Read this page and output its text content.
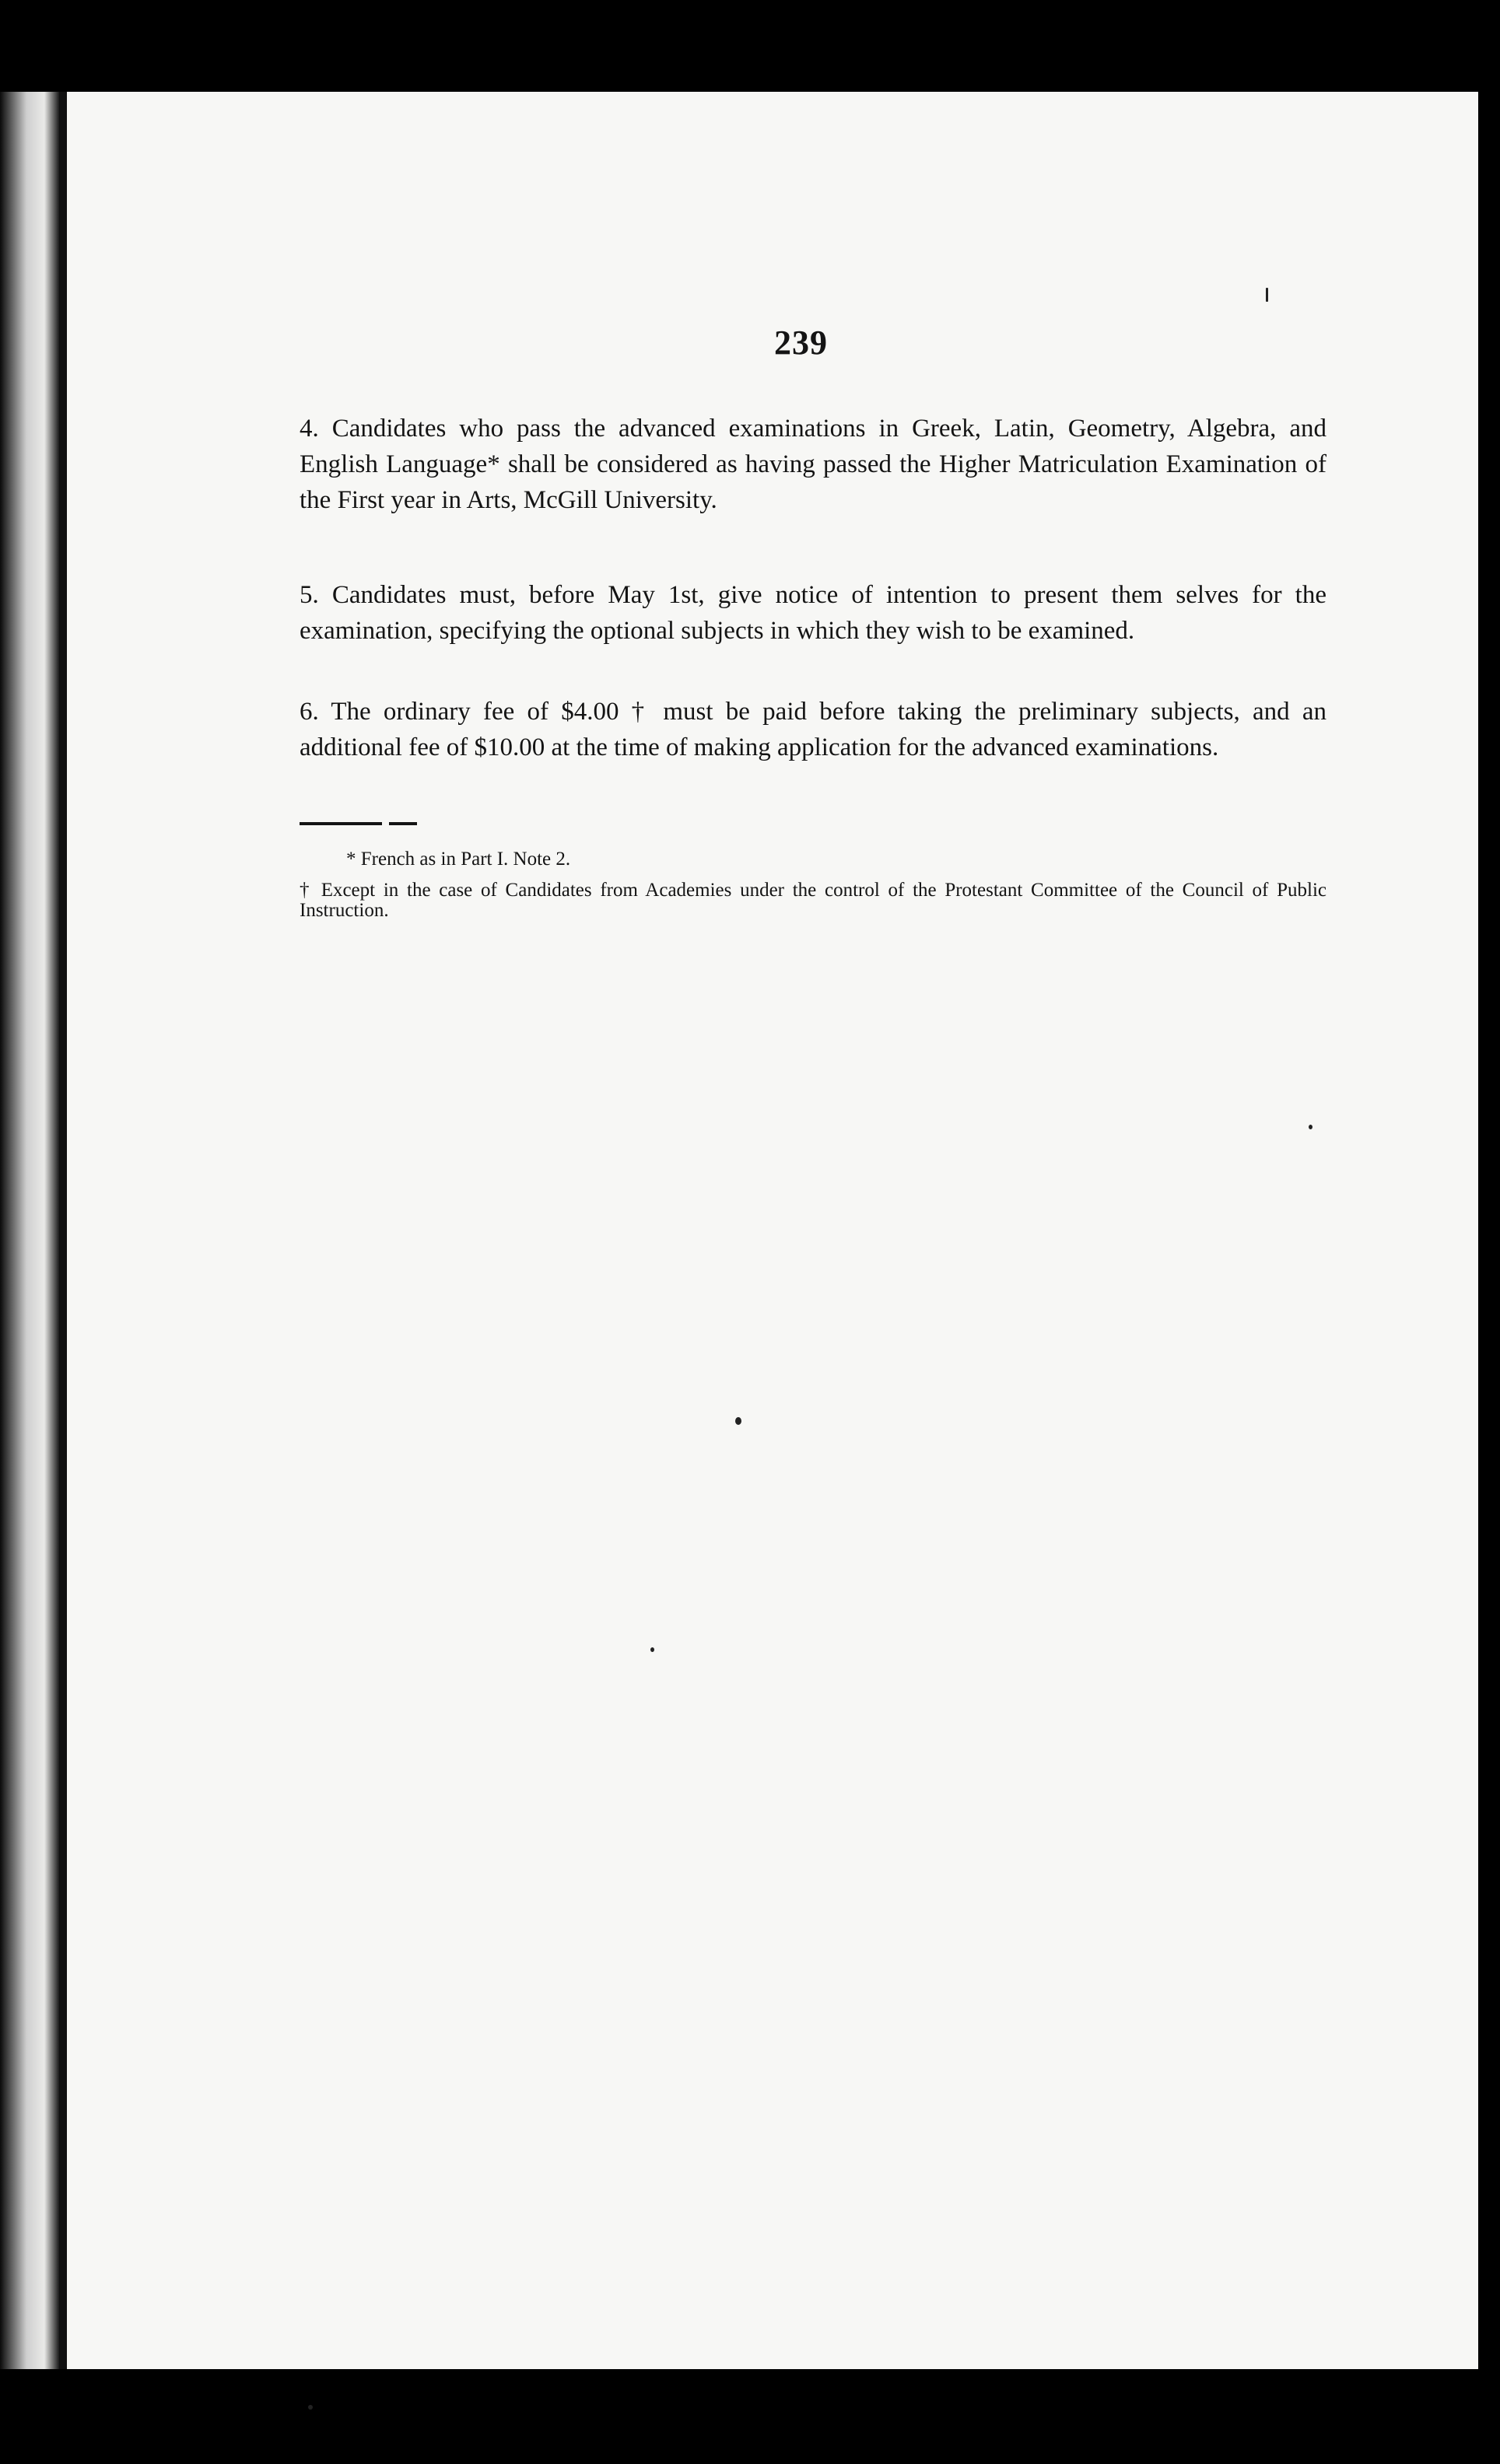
239

4. Candidates who pass the advanced examinations in Greek, Latin, Geometry, Algebra, and English Language* shall be considered as having passed the Higher Matriculation Examination of the First year in Arts, McGill University.

5. Candidates must, before May 1st, give notice of intention to present them selves for the examination, specifying the optional subjects in which they wish to be examined.

6. The ordinary fee of $4.00 † must be paid before taking the preliminary subjects, and an additional fee of $10.00 at the time of making application for the advanced examinations.

* French as in Part I. Note 2.

† Except in the case of Candidates from Academies under the control of the Protestant Committee of the Council of Public Instruction.
